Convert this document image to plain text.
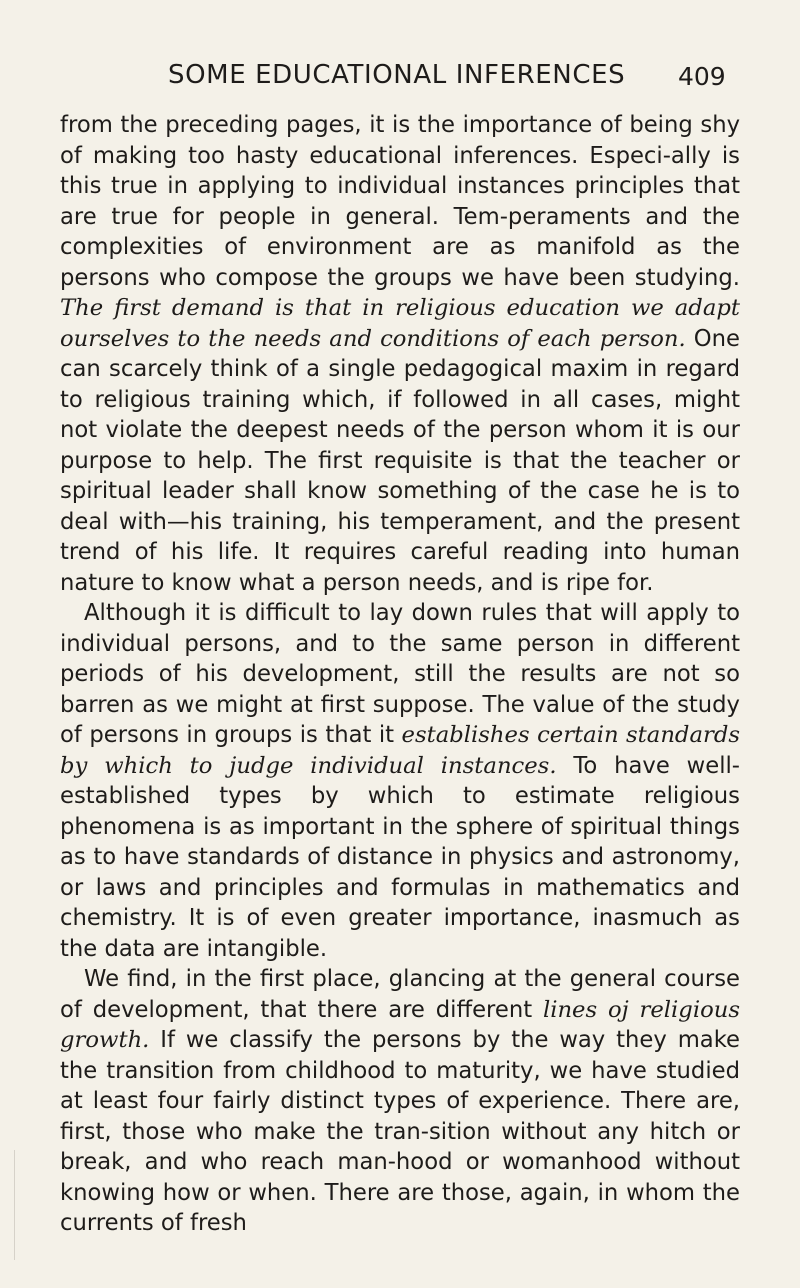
SOME EDUCATIONAL INFERENCES	409

from the preceding pages, it is the importance of being shy of making too hasty educational inferences. Especi-ally is this true in applying to individual instances principles that are true for people in general. Tem-peraments and the complexities of environment are as manifold as the persons who compose the groups we have been studying. The first demand is that in religious education we adapt ourselves to the needs and conditions of each person. One can scarcely think of a single pedagogical maxim in regard to religious training which, if followed in all cases, might not violate the deepest needs of the person whom it is our purpose to help. The first requisite is that the teacher or spiritual leader shall know something of the case he is to deal with—his training, his temperament, and the present trend of his life. It requires careful reading into human nature to know what a person needs, and is ripe for.

Although it is difficult to lay down rules that will apply to individual persons, and to the same person in different periods of his development, still the results are not so barren as we might at first suppose. The value of the study of persons in groups is that it establishes certain standards by which to judge individual instances. To have well-established types by which to estimate religious phenomena is as important in the sphere of spiritual things as to have standards of distance in physics and astronomy, or laws and principles and formulas in mathematics and chemistry. It is of even greater importance, inasmuch as the data are intangible.

We find, in the first place, glancing at the general course of development, that there are different lines oj religious growth. If we classify the persons by the way they make the transition from childhood to maturity, we have studied at least four fairly distinct types of experience. There are, first, those who make the tran-sition without any hitch or break, and who reach man-hood or womanhood without knowing how or when. There are those, again, in whom the currents of fresh
